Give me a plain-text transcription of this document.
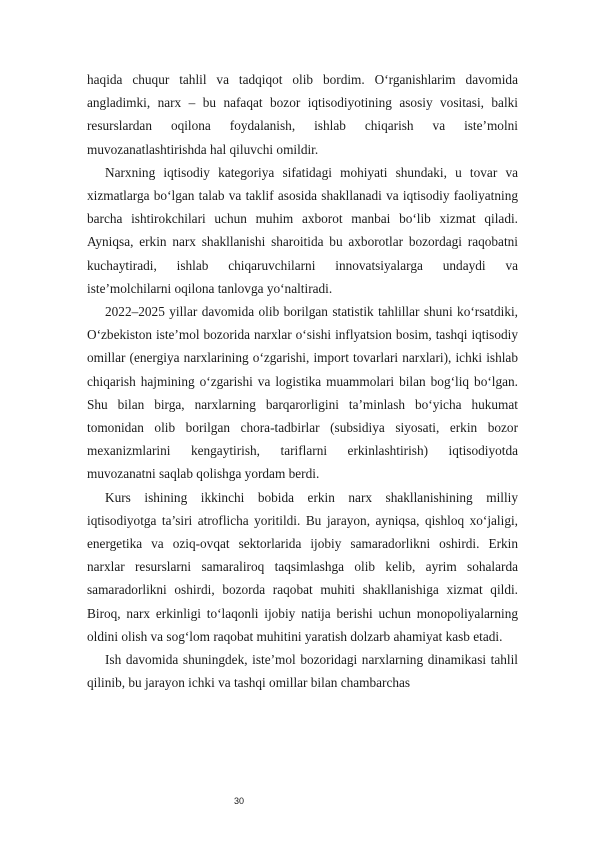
haqida chuqur tahlil va tadqiqot olib bordim. O‘rganishlarim davomida angladimki, narx – bu nafaqat bozor iqtisodiyotining asosiy vositasi, balki resurslardan oqilona foydalanish, ishlab chiqarish va iste’molni muvozanatlashtirishda hal qiluvchi omildir.

Narxning iqtisodiy kategoriya sifatidagi mohiyati shundaki, u tovar va xizmatlarga bo‘lgan talab va taklif asosida shakllanadi va iqtisodiy faoliyatning barcha ishtirokchilari uchun muhim axborot manbai bo‘lib xizmat qiladi. Ayniqsa, erkin narx shakllanishi sharoitida bu axborotlar bozordagi raqobatni kuchaytiradi, ishlab chiqaruvchilarni innovatsiyalarga undaydi va iste’molchilarni oqilona tanlovga yo‘naltiradi.

2022–2025 yillar davomida olib borilgan statistik tahlillar shuni ko‘rsatdiki, O‘zbekiston iste’mol bozorida narxlar o‘sishi inflyatsion bosim, tashqi iqtisodiy omillar (energiya narxlarining o‘zgarishi, import tovarlari narxlari), ichki ishlab chiqarish hajmining o‘zgarishi va logistika muammolari bilan bog‘liq bo‘lgan. Shu bilan birga, narxlarning barqarorligini ta’minlash bo‘yicha hukumat tomonidan olib borilgan chora-tadbirlar (subsidiya siyosati, erkin bozor mexanizmlarini kengaytirish, tariflarni erkinlashtirish) iqtisodiyotda muvozanatni saqlab qolishga yordam berdi.

Kurs ishining ikkinchi bobida erkin narx shakllanishining milliy iqtisodiyotga ta’siri atroflicha yoritildi. Bu jarayon, ayniqsa, qishloq xo‘jaligi, energetika va oziq-ovqat sektorlarida ijobiy samaradorlikni oshirdi. Erkin narxlar resurslarni samaraliroq taqsimlashga olib kelib, ayrim sohalarda samaradorlikni oshirdi, bozorda raqobat muhiti shakllanishiga xizmat qildi. Biroq, narx erkinligi to‘laqonli ijobiy natija berishi uchun monopoliyalarning oldini olish va sog‘lom raqobat muhitini yaratish dolzarb ahamiyat kasb etadi.

Ish davomida shuningdek, iste’mol bozoridagi narxlarning dinamikasi tahlil qilinib, bu jarayon ichki va tashqi omillar bilan chambarchas

30
